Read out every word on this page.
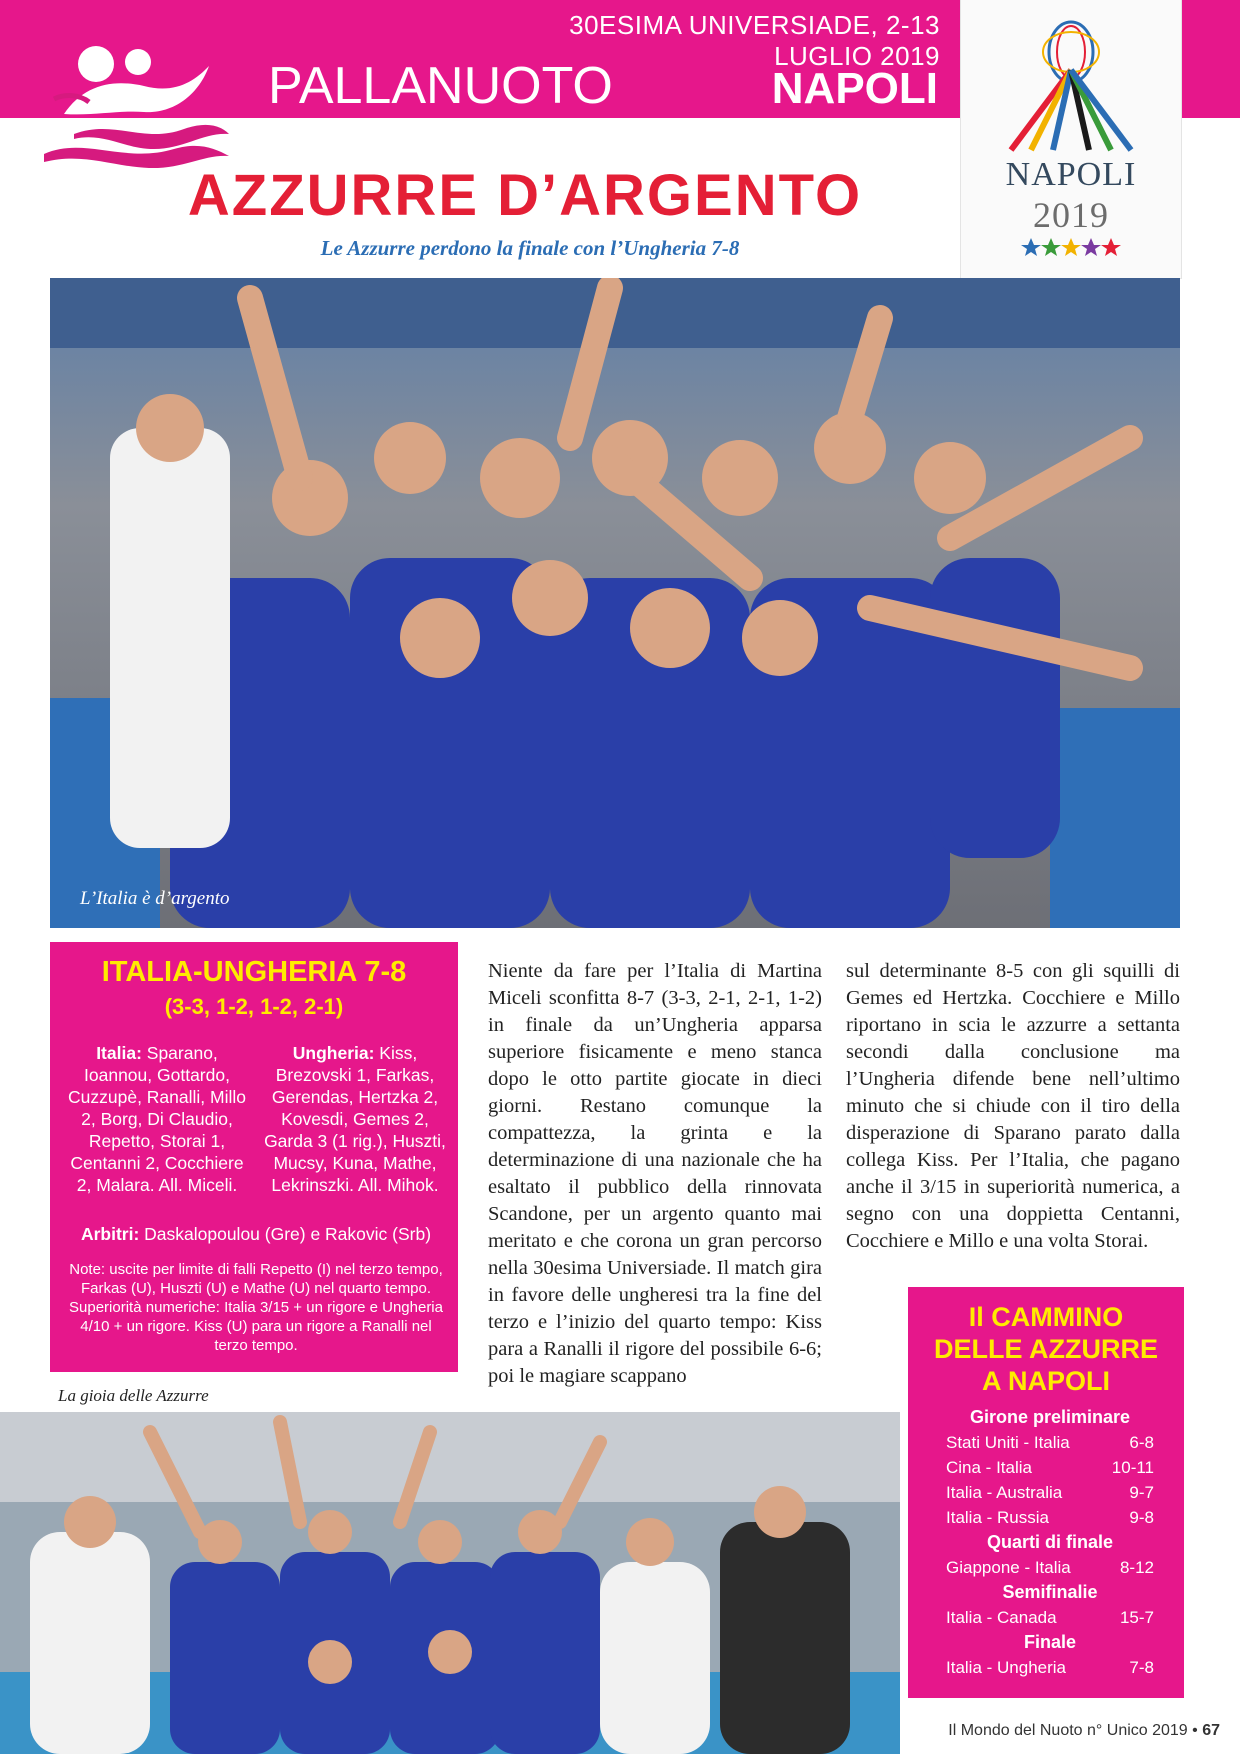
30ESIMA UNIVERSIADE, 2-13 LUGLIO 2019
PALLANUOTO	NAPOLI
NAPOLI
2019
AZZURRE D’ARGENTO
Le Azzurre perdono la finale con l’Ungheria 7-8
L’Italia è d’argento
ITALIA-UNGHERIA 7-8
(3-3, 1-2, 1-2, 2-1)
Italia: Sparano, Ioannou, Gottardo, Cuzzupè, Ranalli, Millo 2, Borg, Di Claudio, Repetto, Storai 1, Centanni 2, Cocchiere 2, Malara. All. Miceli.
Ungheria: Kiss, Brezovski 1, Farkas, Gerendas, Hertzka 2, Kovesdi, Gemes 2, Garda 3 (1 rig.), Huszti, Mucsy, Kuna, Mathe, Lekrinszki. All. Mihok.
Arbitri: Daskalopoulou (Gre) e Rakovic (Srb)
Note: uscite per limite di falli Repetto (I) nel terzo tempo, Farkas (U), Huszti (U) e Mathe (U) nel quarto tempo. Superiorità numeriche: Italia 3/15 + un rigore e Ungheria 4/10 + un rigore. Kiss (U) para un rigore a Ranalli nel terzo tempo.
Niente da fare per l’Italia di Martina Miceli sconfitta 8-7 (3-3, 2-1, 2-1, 1-2) in finale da un’Ungheria apparsa superiore fisicamente e meno stanca dopo le otto partite giocate in dieci giorni. Restano comunque la compattezza, la grinta e la determinazione di una nazionale che ha esaltato il pubblico della rinnovata Scandone, per un argento quanto mai meritato e che corona un gran percorso nella 30esima Universiade. Il match gira in favore delle ungheresi tra la fine del terzo e l’inizio del quarto tempo: Kiss para a Ranalli il rigore del possibile 6-6; poi le magiare scappano
sul determinante 8-5 con gli squilli di Gemes ed Hertzka. Cocchiere e Millo riportano in scia le azzurre a settanta secondi dalla conclusione ma l’Ungheria difende bene nell’ultimo minuto che si chiude con il tiro della disperazione di Sparano parato dalla collega Kiss. Per l’Italia, che pagano anche il 3/15 in superiorità numerica, a segno con una doppietta Centanni, Cocchiere e Millo e una volta Storai.
Il CAMMINO
DELLE AZZURRE
A NAPOLI
Girone preliminare
Stati Uniti - Italia	6-8
Cina - Italia	10-11
Italia - Australia	9-7
Italia - Russia	9-8
Quarti di finale
Giappone - Italia	8-12
Semifinalie
Italia - Canada	15-7
Finale
Italia - Ungheria	7-8
La gioia delle Azzurre
Il Mondo del Nuoto n° Unico 2019 • 67
